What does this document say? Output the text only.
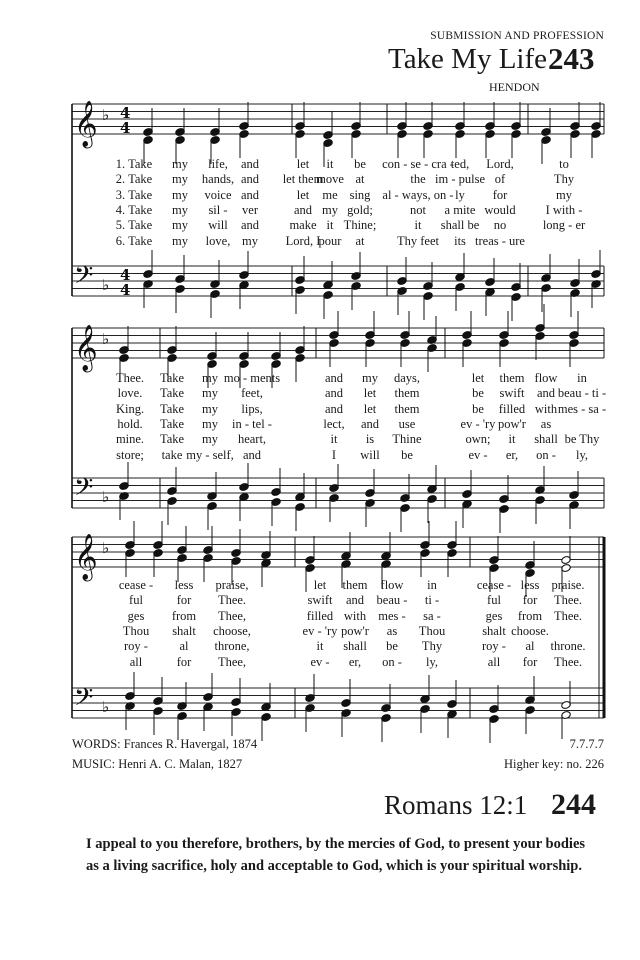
SUBMISSION AND PROFESSION
Take My Life 243
HENDON
𝄞
𝄢
♭
♭
4
4
4
4
𝄞
𝄢
♭
♭
𝄞
𝄢
♭
♭
1. Take my life, and	let it be con - se - cra -
ted, Lord,	to
2. Take my hands, and let them
move at	the im - pulse of	Thy
3. Take my voice and	let me sing al - ways, on - ly for	my
4. Take my sil - ver	and my gold;	not a mite would I with -
5. Take my will and make it Thine;	it shall be no	long - er
6. Take my love, my Lord, I
pour at	Thy feet its treas - ure
Thee. Take my mo - ments	and my days,	let them flow in
love. Take my feet,	and let them	be swift and beau - ti -
King. Take my lips,	and let them	be filled with mes - sa -
hold. Take my in - tel -	lect, and use	ev - 'ry pow'r as
mine. Take my heart,	it is Thine	own; it shall be Thy
store; take my - self, and	I will be	ev - er, on - ly,
cease - less praise,	let them flow in	cease - less praise.
ful	for Thee.	swift and beau - ti -	ful for Thee.
ges from Thee,	filled with mes - sa -	ges from Thee.
Thou shalt choose,	ev - 'ry pow'r as Thou	shalt choose.
roy -	al throne,	it shall be Thy	roy - al throne.
all	for Thee,	ev - er, on - ly,	all for Thee.
WORDS: Frances R. Havergal, 1874
MUSIC: Henri A. C. Malan, 1827
7.7.7.7
Higher key: no. 226
Romans 12:1 244
I appeal to you therefore, brothers, by the mercies of God, to present your bodies as a living sacrifice, holy and acceptable to God, which is your spiritual worship.
